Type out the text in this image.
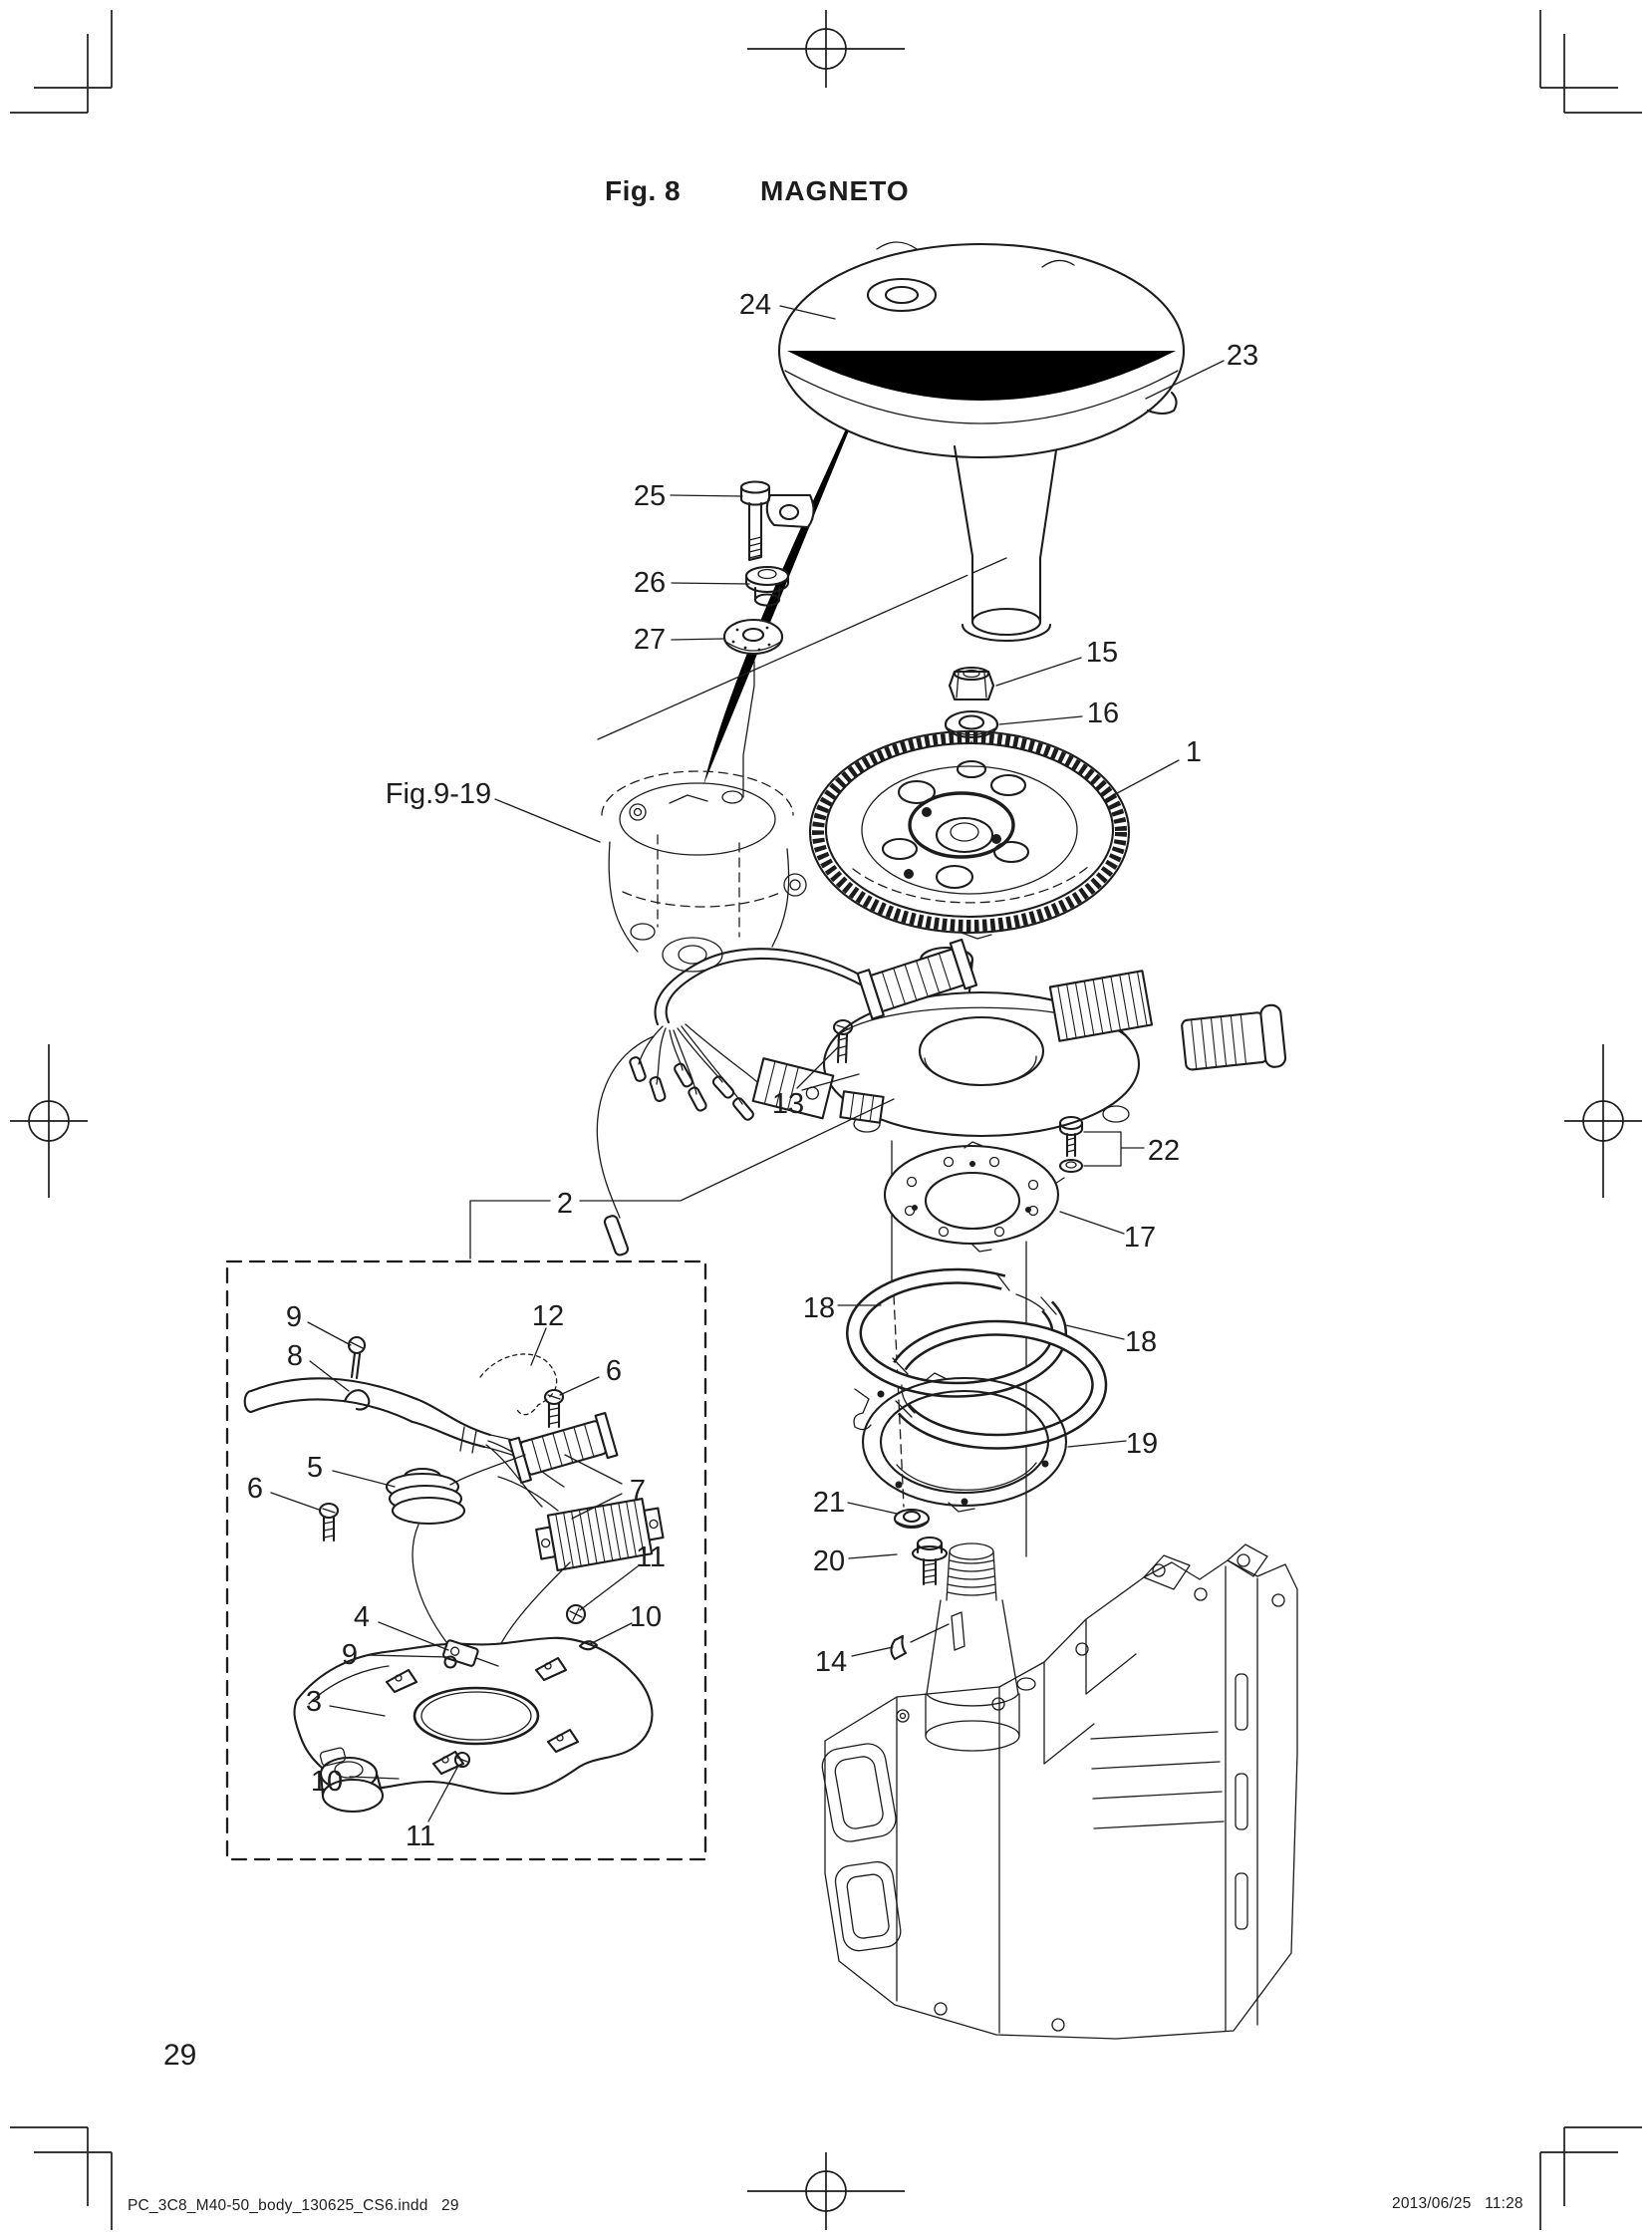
24
23
25
26
27	15
16
1
Fig.9-19
13
2
22
17
18
18
19
21
20
14
9
8
12
6
5
6	7
11
10
4
9
3
10
11
Fig. 8	MAGNETO
29
PC_3C8_M40-50_body_130625_CS6.indd   29	2013/06/25   11:28
